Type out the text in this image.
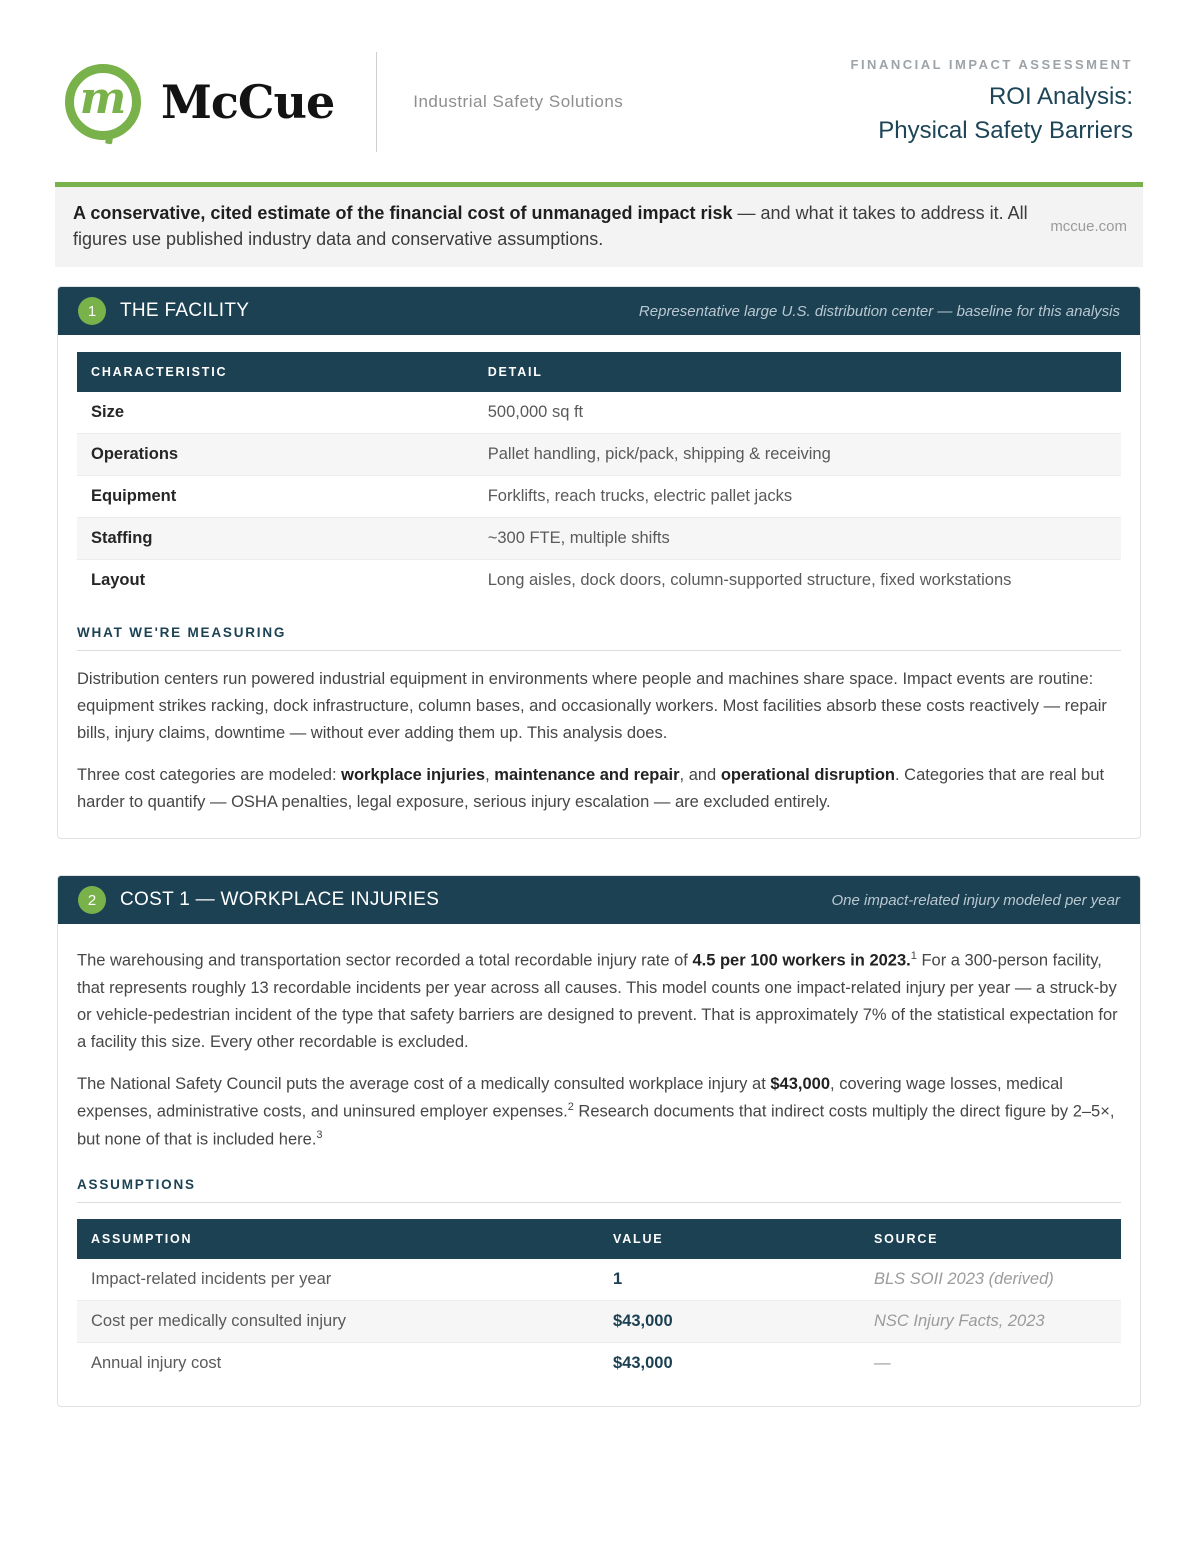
m McCue	Industrial Safety Solutions
FINANCIAL IMPACT ASSESSMENT
ROI Analysis:
Physical Safety Barriers
A conservative, cited estimate of the financial cost of unmanaged impact risk — and what it takes to address it. All figures use published industry data and conservative assumptions.
mccue.com
1	THE FACILITY	Representative large U.S. distribution center — baseline for this analysis
CHARACTERISTIC	DETAIL
Size	500,000 sq ft
Operations	Pallet handling, pick/pack, shipping & receiving
Equipment	Forklifts, reach trucks, electric pallet jacks
Staffing	~300 FTE, multiple shifts
Layout	Long aisles, dock doors, column-supported structure, fixed workstations
WHAT WE'RE MEASURING

Distribution centers run powered industrial equipment in environments where people and machines share space. Impact events are routine: equipment strikes racking, dock infrastructure, column bases, and occasionally workers. Most facilities absorb these costs reactively — repair bills, injury claims, downtime — without ever adding them up. This analysis does.

Three cost categories are modeled: workplace injuries, maintenance and repair, and operational disruption. Categories that are real but harder to quantify — OSHA penalties, legal exposure, serious injury escalation — are excluded entirely.

2	COST 1 — WORKPLACE INJURIES	One impact-related injury modeled per year

The warehousing and transportation sector recorded a total recordable injury rate of 4.5 per 100 workers in 2023.$^1$ For a 300-person facility, that represents roughly 13 recordable incidents per year across all causes. This model counts one impact-related injury per year — a struck-by or vehicle-pedestrian incident of the type that safety barriers are designed to prevent. That is approximately 7% of the statistical expectation for a facility this size. Every other recordable is excluded.

The National Safety Council puts the average cost of a medically consulted workplace injury at $43,000, covering wage losses, medical expenses, administrative costs, and uninsured employer expenses.$^2$ Research documents that indirect costs multiply the direct figure by 2–5×, but none of that is included here.$^3$

ASSUMPTIONS
ASSUMPTION	VALUE	SOURCE
Impact-related incidents per year	1	BLS SOII 2023 (derived)
Cost per medically consulted injury	$43,000	NSC Injury Facts, 2023
Annual injury cost	$43,000	—
